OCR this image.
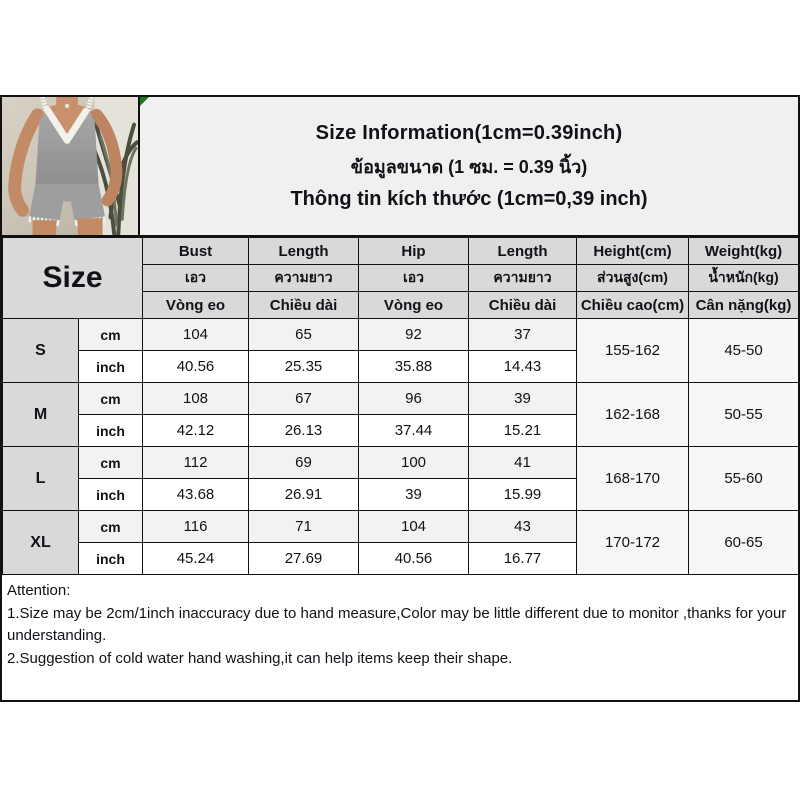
Size Information(1cm=0.39inch)
ข้อมูลขนาด (1 ซม. = 0.39 นิ้ว)
Thông tin kích thước (1cm=0,39 inch)
Size		Bust	Length	Hip	Length	Height(cm)	Weight(kg)
		เอว	ความยาว	เอว	ความยาว	ส่วนสูง(cm)	น้ำหนัก(kg)
		Vòng eo	Chiều dài	Vòng eo	Chiều dài	Chiều cao(cm)	Cân nặng(kg)
S	cm	104	65	92	37	155-162	45-50
	inch	40.56	25.35	35.88	14.43		
M	cm	108	67	96	39	162-168	50-55
	inch	42.12	26.13	37.44	15.21		
L	cm	112	69	100	41	168-170	55-60
	inch	43.68	26.91	39	15.99		
XL	cm	116	71	104	43	170-172	60-65
	inch	45.24	27.69	40.56	16.77		
Attention:
1.Size may be 2cm/1inch inaccuracy due to hand measure,Color may be little different due to monitor ,thanks for your understanding.
2.Suggestion of cold water hand washing,it can help items keep their shape.
